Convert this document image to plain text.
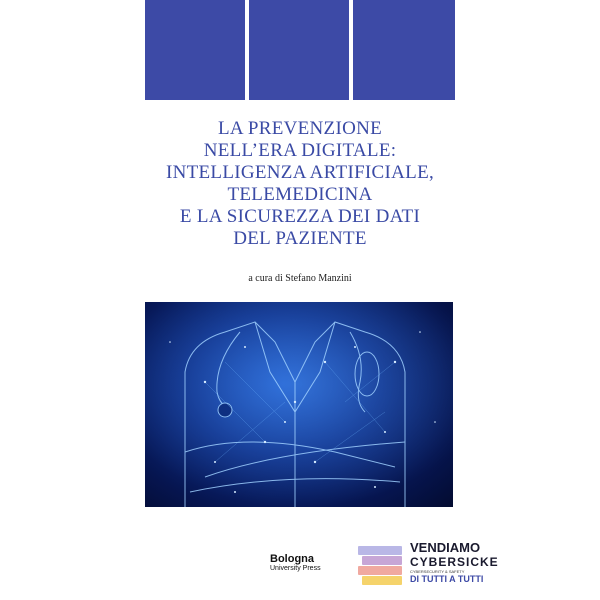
LA PREVENZIONE
NELL’ERA DIGITALE:
INTELLIGENZA ARTIFICIALE,
TELEMEDICINA
E LA SICUREZZA DEI DATI
DEL PAZIENTE
a cura di Stefano Manzini
Bologna
University Press
VENDIAMO
CYBERSICKE
CYBERSECURITY & SAFETY
DI TUTTI A TUTTI
